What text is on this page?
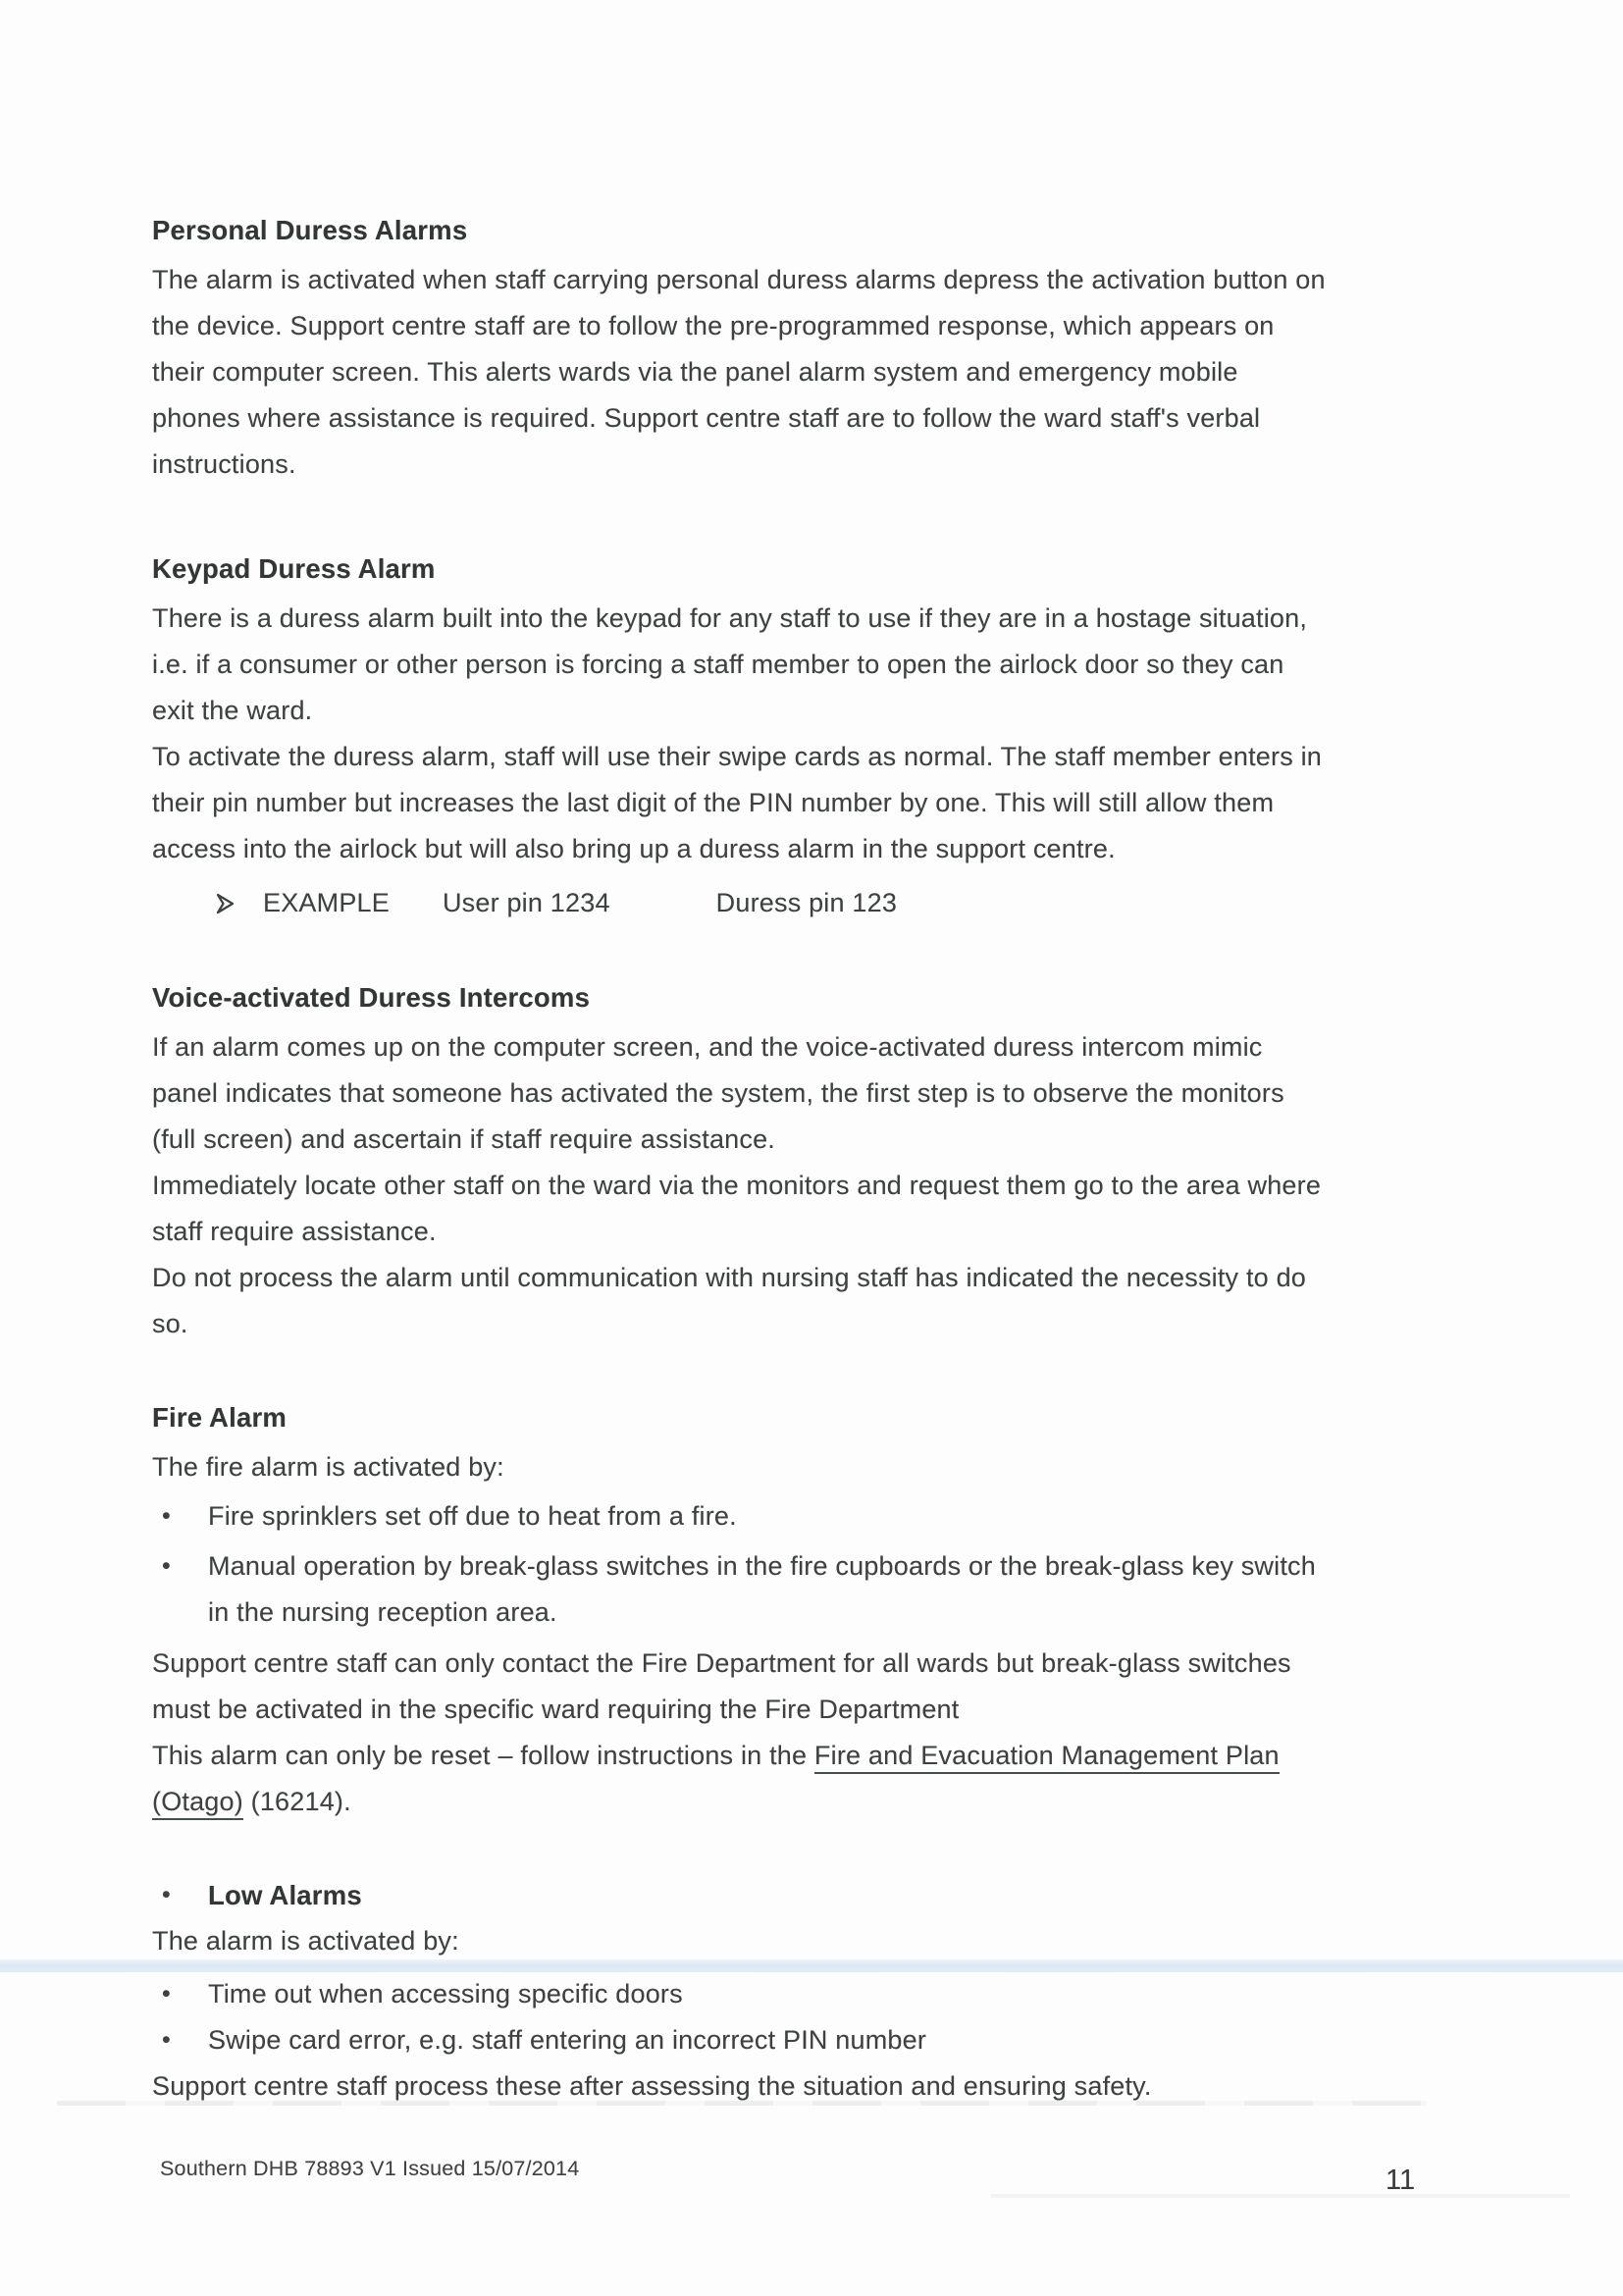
Personal Duress Alarms
The alarm is activated when staff carrying personal duress alarms depress the activation button on
the device. Support centre staff are to follow the pre-programmed response, which appears on
their computer screen. This alerts wards via the panel alarm system and emergency mobile
phones where assistance is required. Support centre staff are to follow the ward staff's verbal
instructions.
Keypad Duress Alarm
There is a duress alarm built into the keypad for any staff to use if they are in a hostage situation,
i.e. if a consumer or other person is forcing a staff member to open the airlock door so they can
exit the ward.
To activate the duress alarm, staff will use their swipe cards as normal. The staff member enters in
their pin number but increases the last digit of the PIN number by one. This will still allow them
access into the airlock but will also bring up a duress alarm in the support centre.
EXAMPLE User pin 1234	Duress pin 123
Voice-activated Duress Intercoms
If an alarm comes up on the computer screen, and the voice-activated duress intercom mimic
panel indicates that someone has activated the system, the first step is to observe the monitors
(full screen) and ascertain if staff require assistance.
Immediately locate other staff on the ward via the monitors and request them go to the area where
staff require assistance.
Do not process the alarm until communication with nursing staff has indicated the necessity to do
so.
Fire Alarm
The fire alarm is activated by:
•	Fire sprinklers set off due to heat from a fire.
•	Manual operation by break-glass switches in the fire cupboards or the break-glass key switch
in the nursing reception area.
Support centre staff can only contact the Fire Department for all wards but break-glass switches
must be activated in the specific ward requiring the Fire Department
This alarm can only be reset – follow instructions in the Fire and Evacuation Management Plan
(Otago) (16214).
•	Low Alarms
The alarm is activated by:
•	Time out when accessing specific doors
•	Swipe card error, e.g. staff entering an incorrect PIN number
Support centre staff process these after assessing the situation and ensuring safety.
Southern DHB 78893 V1 Issued 15/07/2014	11
